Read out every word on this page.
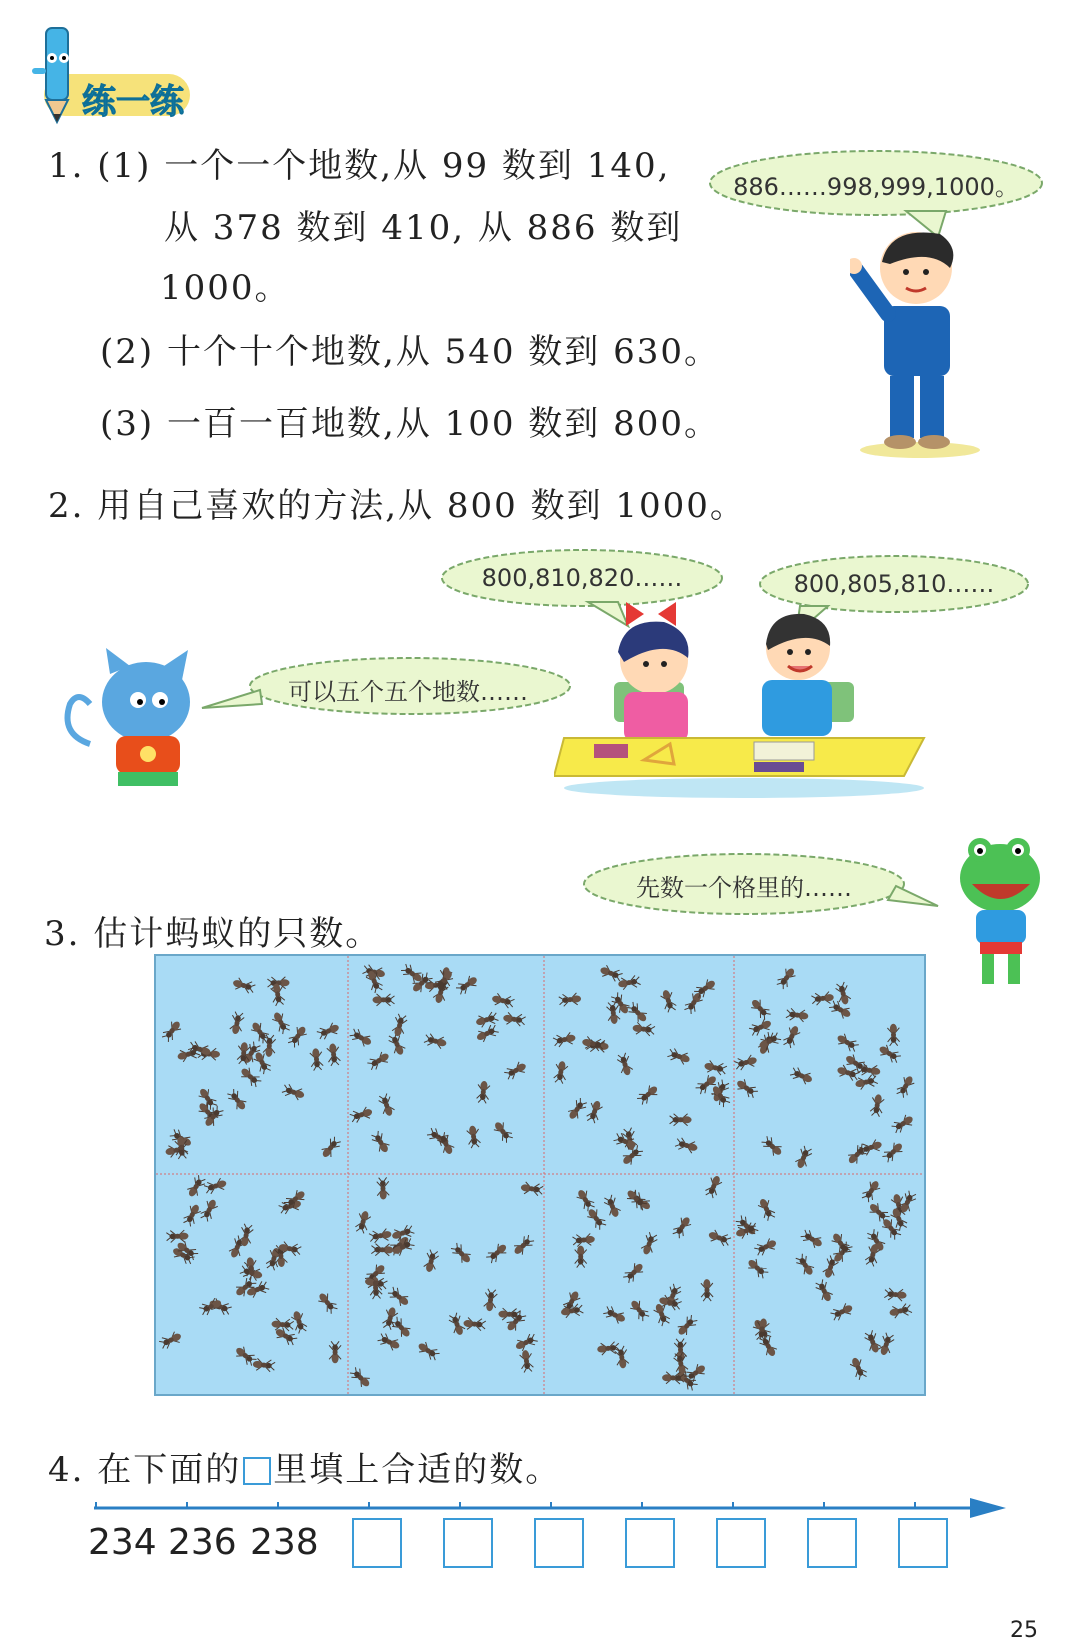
练一练
1. (1) 一个一个地数,从 99 数到 140,
从 378 数到 410, 从 886 数到
1000。
(2) 十个十个地数,从 540 数到 630。
(3) 一百一百地数,从 100 数到 800。
886……998,999,1000。
2. 用自己喜欢的方法,从 800 数到 1000。
800,810,820……	800,805,810……
可以五个五个地数……
3. 估计蚂蚁的只数。
先数一个格里的……
4. 在下面的 里填上合适的数。
234 236 238
25
